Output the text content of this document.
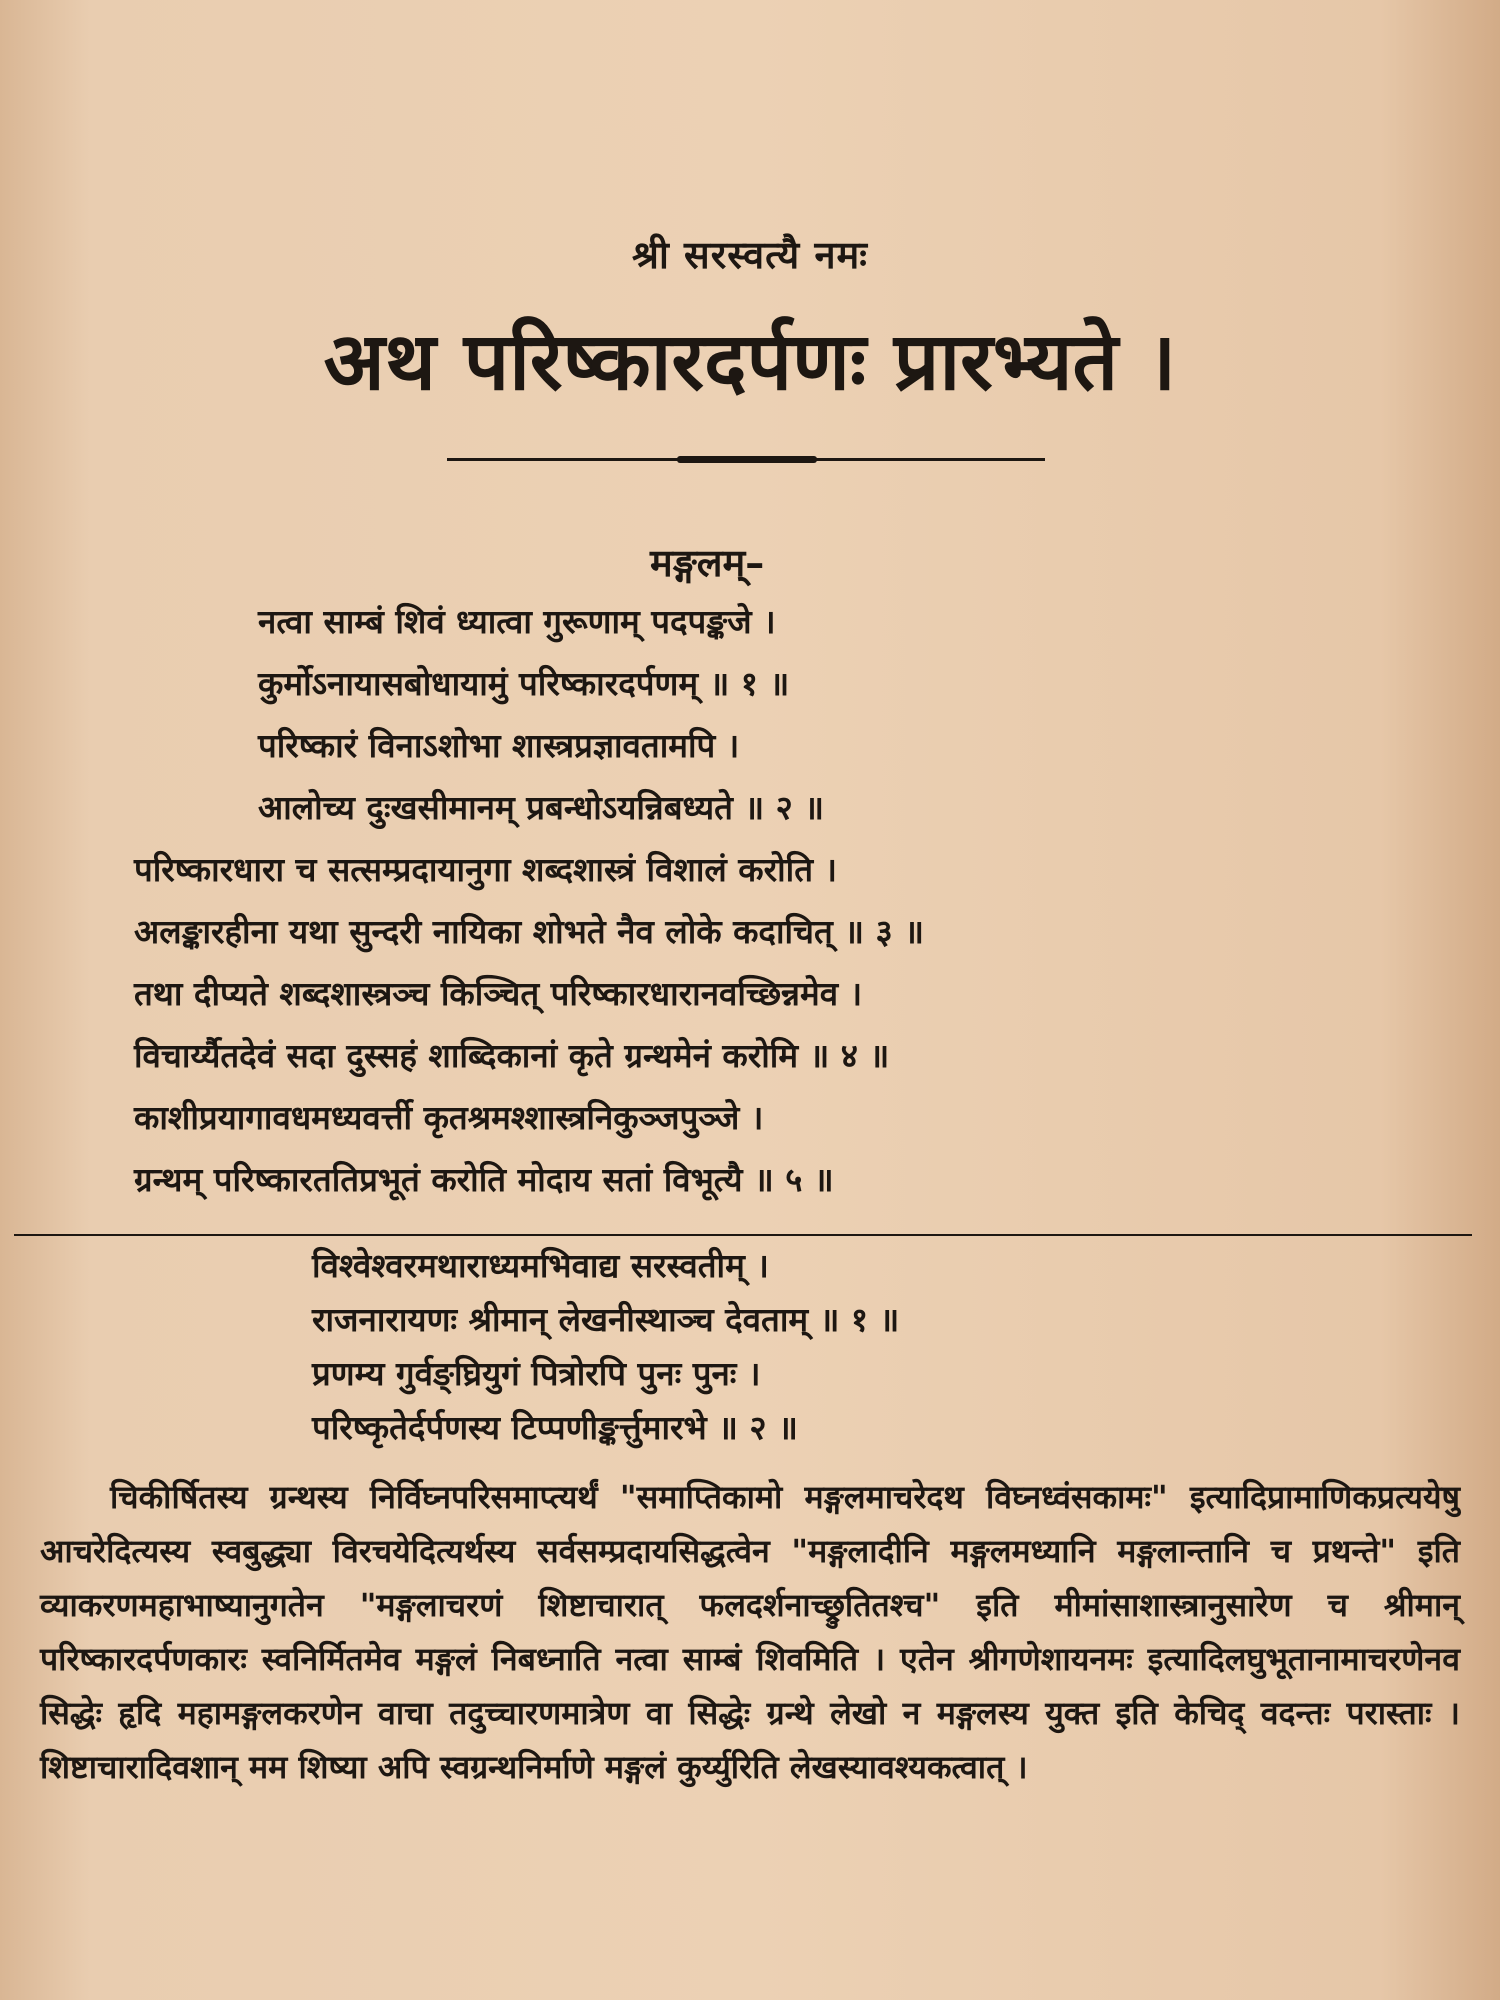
श्री सरस्वत्यै नमः
अथ परिष्कारदर्पणः प्रारभ्यते ।
मङ्गलम्–
नत्वा साम्बं शिवं ध्यात्वा गुरूणाम् पदपङ्कजे ।
कुर्मोऽनायासबोधायामुं परिष्कारदर्पणम् ॥ १ ॥
परिष्कारं विनाऽशोभा शास्त्रप्रज्ञावतामपि ।
आलोच्य दुःखसीमानम् प्रबन्धोऽयन्निबध्यते ॥ २ ॥
परिष्कारधारा च सत्सम्प्रदायानुगा शब्दशास्त्रं विशालं करोति ।
अलङ्कारहीना यथा सुन्दरी नायिका शोभते नैव लोके कदाचित् ॥ ३ ॥
तथा दीप्यते शब्दशास्त्रञ्च किञ्चित् परिष्कारधारानवच्छिन्नमेव ।
विचार्य्यैतदेवं सदा दुस्सहं शाब्दिकानां कृते ग्रन्थमेनं करोमि ॥ ४ ॥
काशीप्रयागावधमध्यवर्त्ती कृतश्रमश्शास्त्रनिकुञ्जपुञ्जे ।
ग्रन्थम् परिष्कारततिप्रभूतं करोति मोदाय सतां विभूत्यै ॥ ५ ॥
विश्वेश्वरमथाराध्यमभिवाद्य सरस्वतीम् ।
राजनारायणः श्रीमान् लेखनीस्थाञ्च देवताम् ॥ १ ॥
प्रणम्य गुर्वङ्घ्रियुगं पित्रोरपि पुनः पुनः ।
परिष्कृतेर्दर्पणस्य टिप्पणीङ्कर्त्तुमारभे ॥ २ ॥
चिकीर्षितस्य ग्रन्थस्य निर्विघ्नपरिसमाप्त्यर्थं "समाप्तिकामो मङ्गलमाचरेदथ विघ्नध्वंसकामः" इत्यादिप्रामाणिकप्रत्ययेषु आचरेदित्यस्य स्वबुद्ध्या विरचयेदित्यर्थस्य सर्वसम्प्रदायसिद्धत्वेन "मङ्गलादीनि मङ्गलमध्यानि मङ्गलान्तानि च प्रथन्ते" इति व्याकरणमहाभाष्यानुगतेन "मङ्गलाचरणं शिष्टाचारात् फलदर्शनाच्छ्रुतितश्च" इति मीमांसाशास्त्रानुसारेण च श्रीमान् परिष्कारदर्पणकारः स्वनिर्मितमेव मङ्गलं निबध्नाति नत्वा साम्बं शिवमिति । एतेन श्रीगणेशायनमः इत्यादिलघुभूतानामाचरणेनव सिद्धेः हृदि महामङ्गलकरणेन वाचा तदुच्चारणमात्रेण वा सिद्धेः ग्रन्थे लेखो न मङ्गलस्य युक्त इति केचिद् वदन्तः परास्ताः । शिष्टाचारादिवशान् मम शिष्या अपि स्वग्रन्थनिर्माणे मङ्गलं कुर्य्युरिति लेखस्यावश्यकत्वात् ।
